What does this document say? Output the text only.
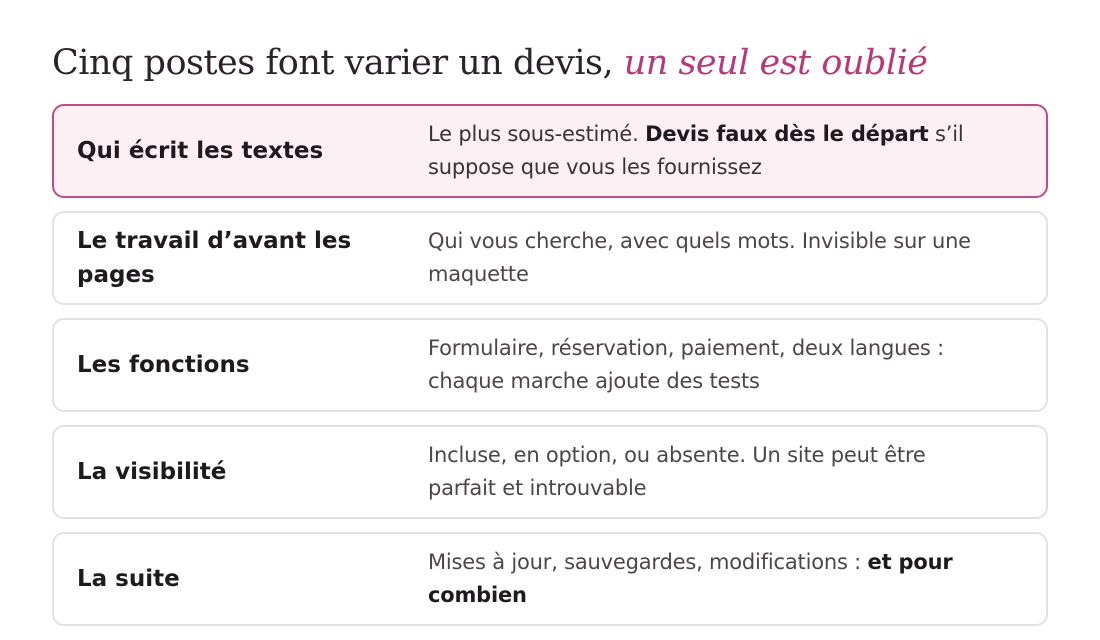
Cinq postes font varier un devis, un seul est oublié
Qui écrit les textes
Le plus sous-estimé. Devis faux dès le départ s’il suppose que vous les fournissez
Le travail d’avant les pages
Qui vous cherche, avec quels mots. Invisible sur une maquette
Les fonctions
Formulaire, réservation, paiement, deux langues : chaque marche ajoute des tests
La visibilité
Incluse, en option, ou absente. Un site peut être parfait et introuvable
La suite
Mises à jour, sauvegardes, modifications : et pour combien
